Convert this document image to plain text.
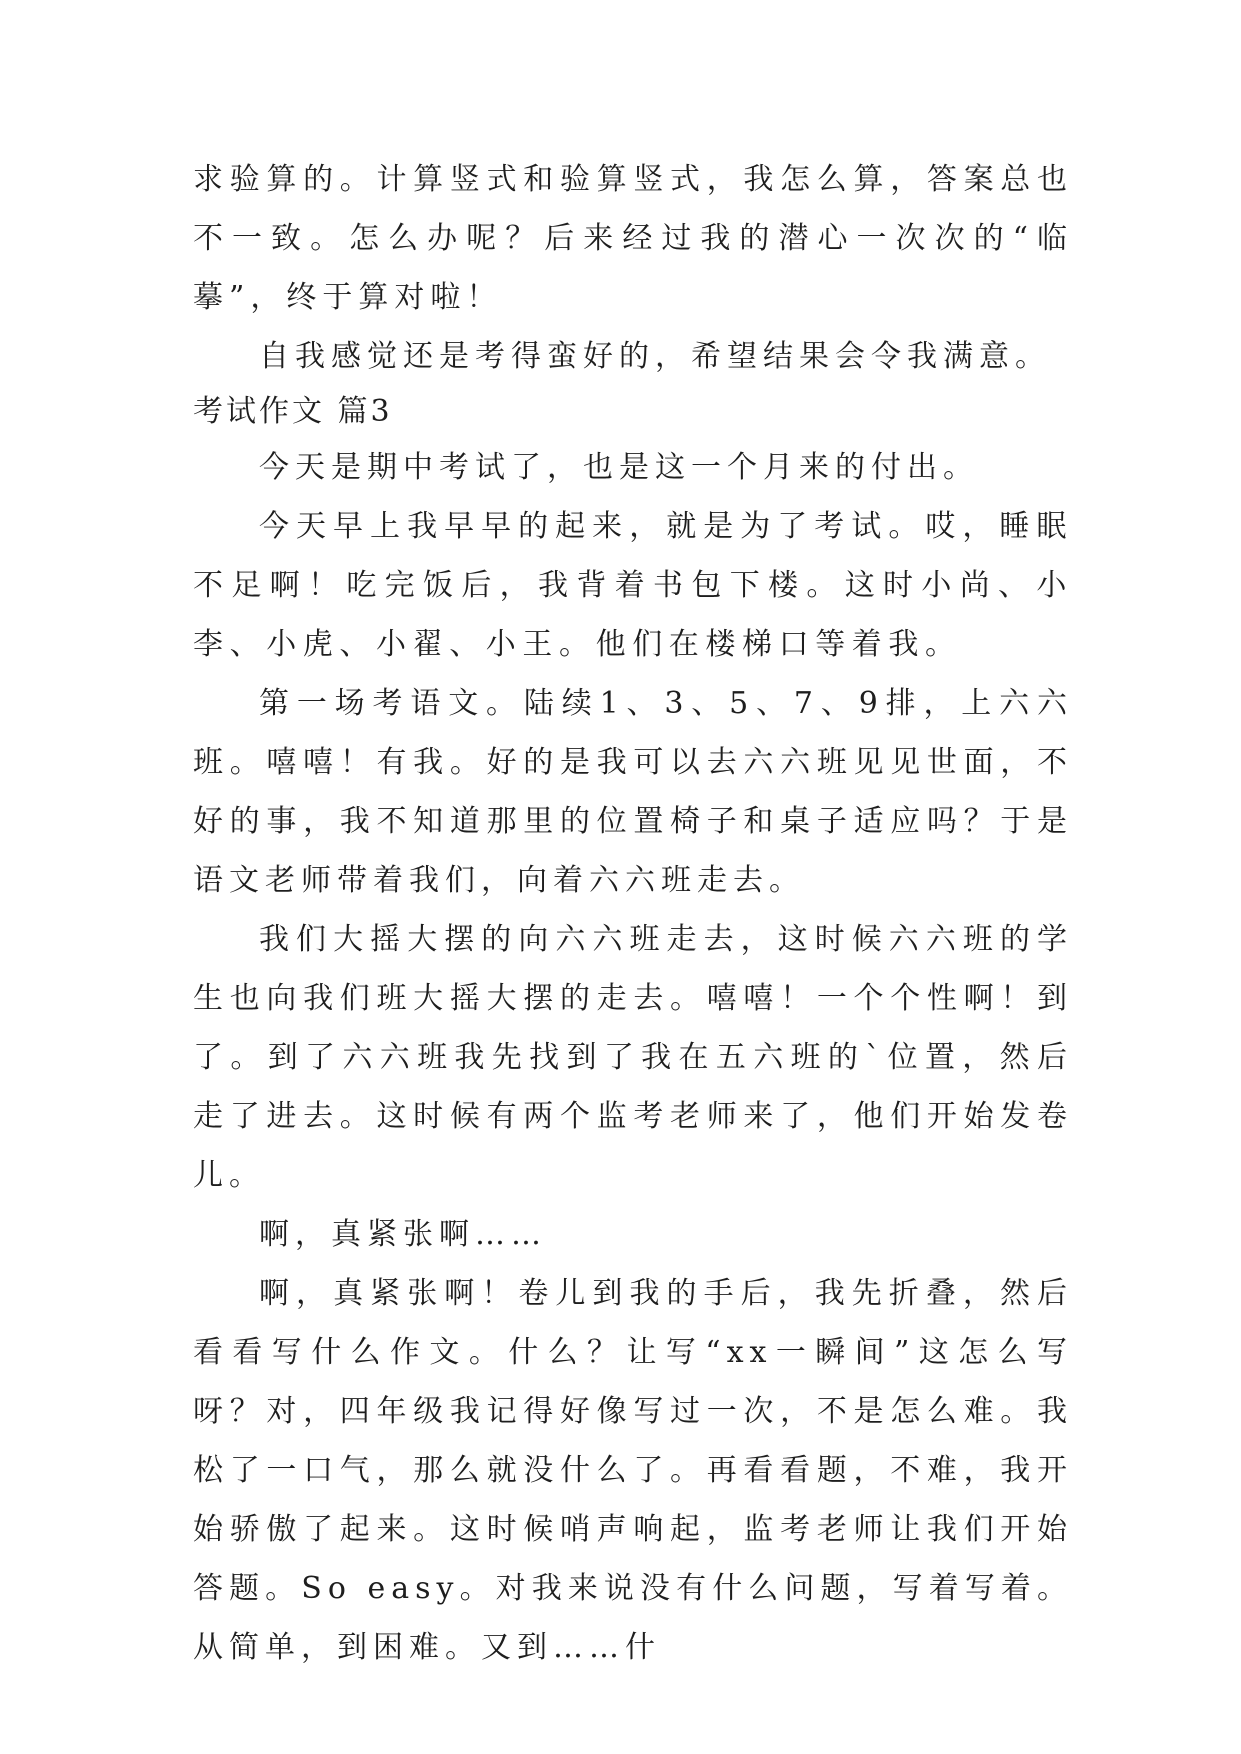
求验算的。计算竖式和验算竖式，我怎么算，答案总也不一致。怎么办呢？后来经过我的潜心一次次的“临摹”，终于算对啦！

自我感觉还是考得蛮好的，希望结果会令我满意。

考试作文 篇3

今天是期中考试了，也是这一个月来的付出。

今天早上我早早的起来，就是为了考试。哎，睡眠不足啊！吃完饭后，我背着书包下楼。这时小尚、小李、小虎、小翟、小王。他们在楼梯口等着我。

第一场考语文。陆续1、3、5、7、9排，上六六班。嘻嘻！有我。好的是我可以去六六班见见世面，不好的事，我不知道那里的位置椅子和桌子适应吗？于是语文老师带着我们，向着六六班走去。

我们大摇大摆的向六六班走去，这时候六六班的学生也向我们班大摇大摆的走去。嘻嘻！一个个性啊！到了。到了六六班我先找到了我在五六班的`位置，然后走了进去。这时候有两个监考老师来了，他们开始发卷儿。

啊，真紧张啊……

啊，真紧张啊！卷儿到我的手后，我先折叠，然后看看写什么作文。什么？让写“xx一瞬间”这怎么写呀？对，四年级我记得好像写过一次，不是怎么难。我松了一口气，那么就没什么了。再看看题，不难，我开始骄傲了起来。这时候哨声响起，监考老师让我们开始答题。So easy。对我来说没有什么问题，写着写着。从简单，到困难。又到……什
